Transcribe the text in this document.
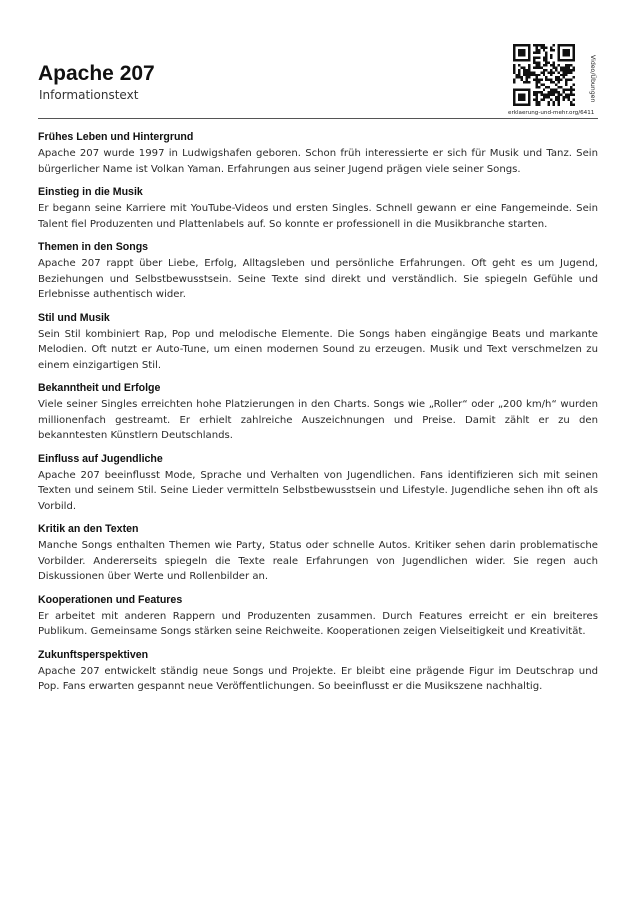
Apache 207
Informationstext	Video/Übungen
erklaerung-und-mehr.org/6411
Frühes Leben und Hintergrund

Apache 207 wurde 1997 in Ludwigshafen geboren. Schon früh interessierte er sich für Musik und Tanz. Sein bürgerlicher Name ist Volkan Yaman. Erfahrungen aus seiner Jugend prägen viele seiner Songs.

Einstieg in die Musik

Er begann seine Karriere mit YouTube-Videos und ersten Singles. Schnell gewann er eine Fangemeinde. Sein Talent fiel Produzenten und Plattenlabels auf. So konnte er professionell in die Musikbranche starten.

Themen in den Songs

Apache 207 rappt über Liebe, Erfolg, Alltagsleben und persönliche Erfahrungen. Oft geht es um Jugend, Beziehungen und Selbstbewusstsein. Seine Texte sind direkt und verständlich. Sie spiegeln Gefühle und Erlebnisse authentisch wider.

Stil und Musik

Sein Stil kombiniert Rap, Pop und melodische Elemente. Die Songs haben eingängige Beats und markante Melodien. Oft nutzt er Auto-Tune, um einen modernen Sound zu erzeugen. Musik und Text verschmelzen zu einem einzigartigen Stil.

Bekanntheit und Erfolge

Viele seiner Singles erreichten hohe Platzierungen in den Charts. Songs wie „Roller“ oder „200 km/h“ wurden millionenfach gestreamt. Er erhielt zahlreiche Auszeichnungen und Preise. Damit zählt er zu den bekanntesten Künstlern Deutschlands.

Einfluss auf Jugendliche

Apache 207 beeinflusst Mode, Sprache und Verhalten von Jugendlichen. Fans identifizieren sich mit seinen Texten und seinem Stil. Seine Lieder vermitteln Selbstbewusstsein und Lifestyle. Jugendliche sehen ihn oft als Vorbild.

Kritik an den Texten

Manche Songs enthalten Themen wie Party, Status oder schnelle Autos. Kritiker sehen darin problematische Vorbilder. Andererseits spiegeln die Texte reale Erfahrungen von Jugendlichen wider. Sie regen auch Diskussionen über Werte und Rollenbilder an.

Kooperationen und Features

Er arbeitet mit anderen Rappern und Produzenten zusammen. Durch Features erreicht er ein breiteres Publikum. Gemeinsame Songs stärken seine Reichweite. Kooperationen zeigen Vielseitigkeit und Kreativität.

Zukunftsperspektiven

Apache 207 entwickelt ständig neue Songs und Projekte. Er bleibt eine prägende Figur im Deutschrap und Pop. Fans erwarten gespannt neue Veröffentlichungen. So beeinflusst er die Musikszene nachhaltig.
